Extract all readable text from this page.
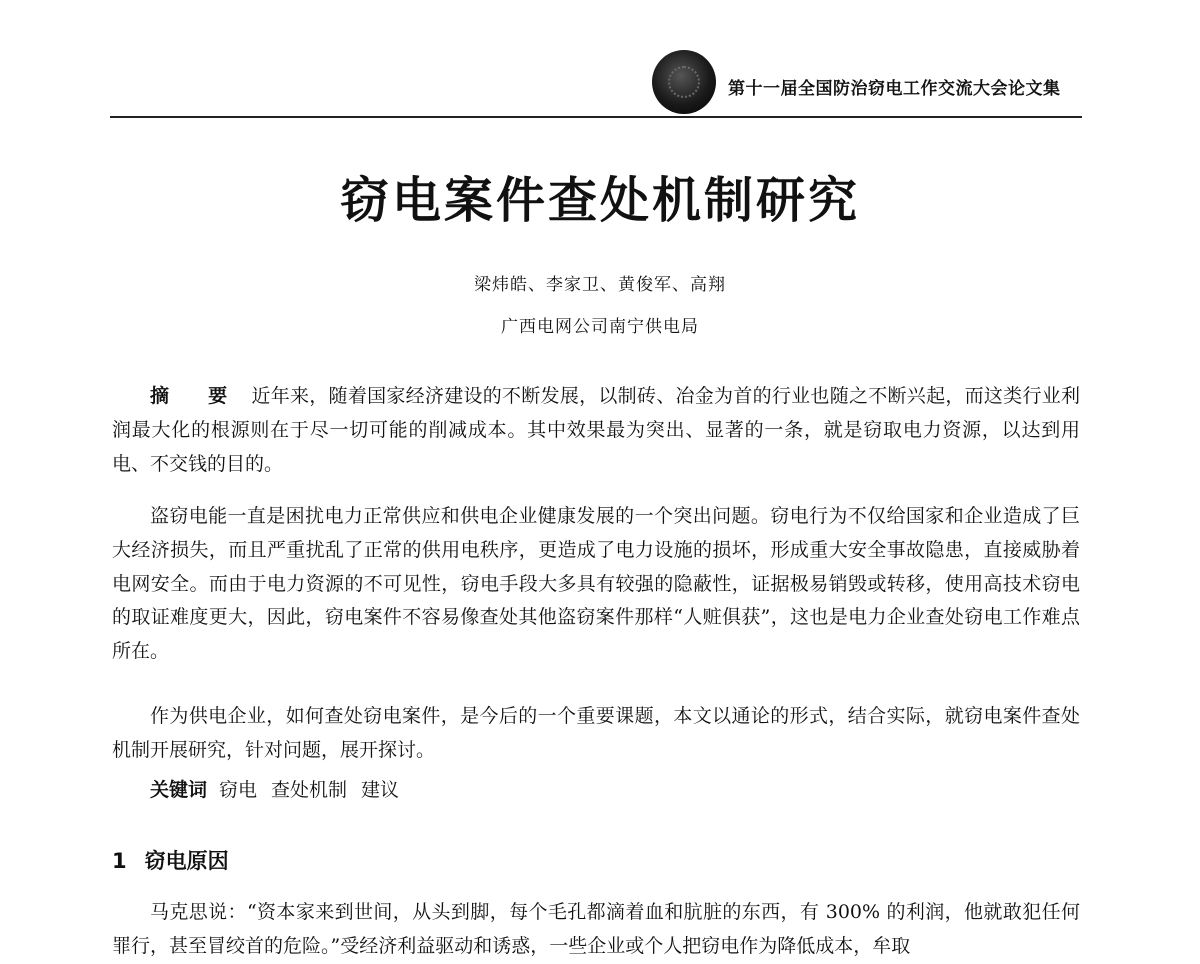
第十一届全国防治窃电工作交流大会论文集
窃电案件查处机制研究
梁炜皓、李家卫、黄俊军、高翔
广西电网公司南宁供电局

摘 要 近年来，随着国家经济建设的不断发展，以制砖、冶金为首的行业也随之不断兴起，而这类行业利润最大化的根源则在于尽一切可能的削减成本。其中效果最为突出、显著的一条，就是窃取电力资源，以达到用电、不交钱的目的。

盗窃电能一直是困扰电力正常供应和供电企业健康发展的一个突出问题。窃电行为不仅给国家和企业造成了巨大经济损失，而且严重扰乱了正常的供用电秩序，更造成了电力设施的损坏，形成重大安全事故隐患，直接威胁着电网安全。而由于电力资源的不可见性，窃电手段大多具有较强的隐蔽性，证据极易销毁或转移，使用高技术窃电的取证难度更大，因此，窃电案件不容易像查处其他盗窃案件那样“人赃俱获”，这也是电力企业查处窃电工作难点所在。

作为供电企业，如何查处窃电案件，是今后的一个重要课题，本文以通论的形式，结合实际，就窃电案件查处机制开展研究，针对问题，展开探讨。

关键词 窃电 查处机制 建议

1 窃电原因

马克思说：“资本家来到世间，从头到脚，每个毛孔都滴着血和肮脏的东西，有 300% 的利润，他就敢犯任何罪行，甚至冒绞首的危险。”受经济利益驱动和诱惑，一些企业或个人把窃电作为降低成本，牟取
